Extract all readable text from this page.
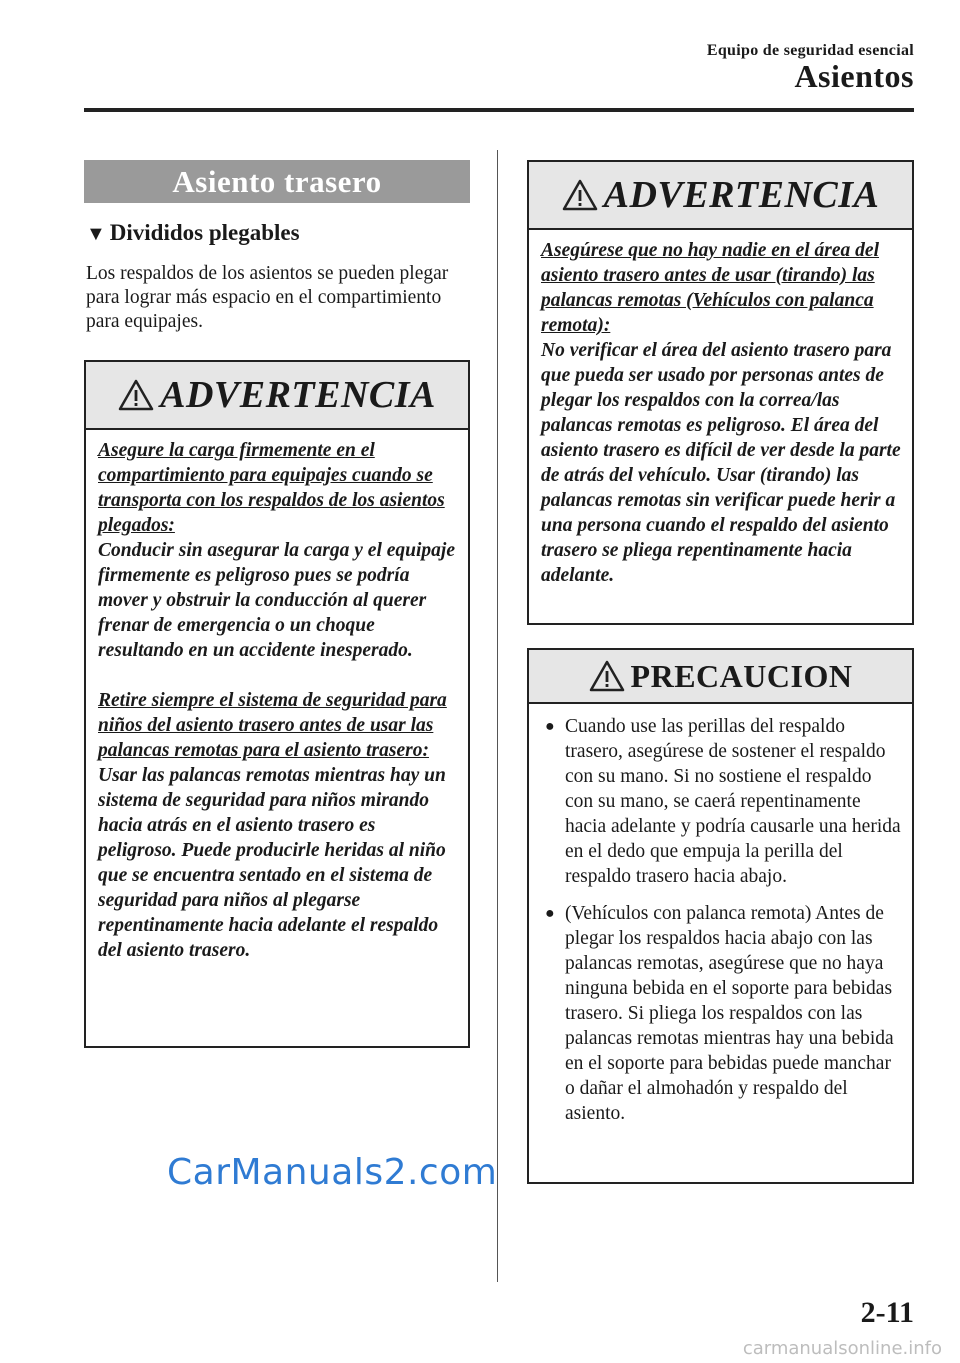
Equipo de seguridad esencial
Asientos
Asiento trasero
▼ Divididos plegables
Los respaldos de los asientos se pueden plegar para lograr más espacio en el compartimiento para equipajes.
ADVERTENCIA

Asegure la carga firmemente en el compartimiento para equipajes cuando se transporta con los respaldos de los asientos plegados:

Conducir sin asegurar la carga y el equipaje firmemente es peligroso pues se podría mover y obstruir la conducción al querer frenar de emergencia o un choque resultando en un accidente inesperado.

Retire siempre el sistema de seguridad para niños del asiento trasero antes de usar las palancas remotas para el asiento trasero:

Usar las palancas remotas mientras hay un sistema de seguridad para niños mirando hacia atrás en el asiento trasero es peligroso. Puede producirle heridas al niño que se encuentra sentado en el sistema de seguridad para niños al plegarse repentinamente hacia adelante el respaldo del asiento trasero.

CarManuals2.com
ADVERTENCIA

Asegúrese que no hay nadie en el área del asiento trasero antes de usar (tirando) las palancas remotas (Vehículos con palanca remota):

No verificar el área del asiento trasero para que pueda ser usado por personas antes de plegar los respaldos con la correa/las palancas remotas es peligroso. El área del asiento trasero es difícil de ver desde la parte de atrás del vehículo. Usar (tirando) las palancas remotas sin verificar puede herir a una persona cuando el respaldo del asiento trasero se pliega repentinamente hacia adelante.

PRECAUCION
● Cuando use las perillas del respaldo trasero, asegúrese de sostener el respaldo con su mano. Si no sostiene el respaldo con su mano, se caerá repentinamente hacia adelante y podría causarle una herida en el dedo que empuja la perilla del respaldo trasero hacia abajo.
● (Vehículos con palanca remota) Antes de plegar los respaldos hacia abajo con las palancas remotas, asegúrese que no haya ninguna bebida en el soporte para bebidas trasero. Si pliega los respaldos con las palancas remotas mientras hay una bebida en el soporte para bebidas puede manchar o dañar el almohadón y respaldo del asiento.
2-11
carmanualsonline.info
